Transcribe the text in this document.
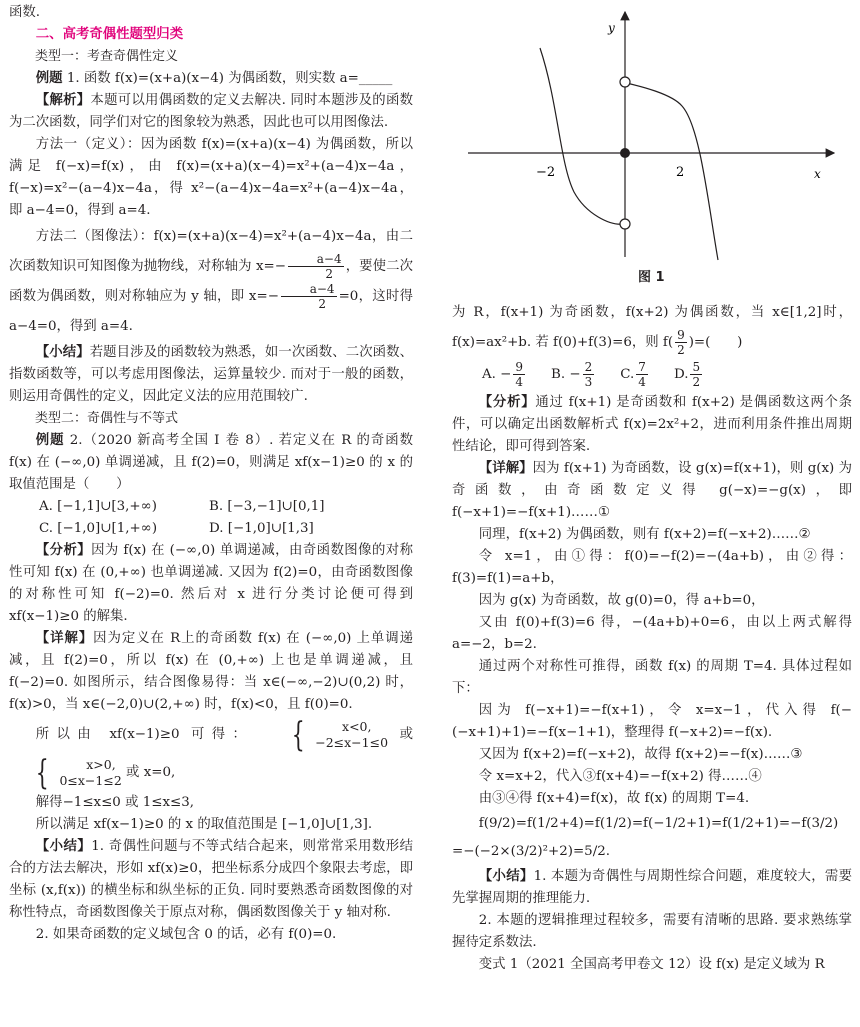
函数.

二、高考奇偶性题型归类

类型一：考查奇偶性定义

例题 1. 函数 f(x)=(x+a)(x−4) 为偶函数，则实数 a=_____

【解析】本题可以用偶函数的定义去解决. 同时本题涉及的函数为二次函数，同学们对它的图象较为熟悉，因此也可以用图像法.

方法一（定义）：因为函数 f(x)=(x+a)(x−4) 为偶函数，所以满足 f(−x)=f(x)，由 f(x)=(x+a)(x−4)=x²+(a−4)x−4a，f(−x)=x²−(a−4)x−4a，得 x²−(a−4)x−4a=x²+(a−4)x−4a，即 a−4=0，得到 a=4.

方法二（图像法）：f(x)=(x+a)(x−4)=x²+(a−4)x−4a，由二次函数知识可知图像为抛物线，对称轴为 $x=- \frac{a-4}{2}$ ，要使二次函数为偶函数，则对称轴应为 y 轴，即 $x=- \frac{a-4}{2} =0$，这时得 a−4=0，得到 a=4.

【小结】若题目涉及的函数较为熟悉，如一次函数、二次函数、指数函数等，可以考虑用图像法，运算量较少. 而对于一般的函数，则运用奇偶性的定义，因此定义法的应用范围较广.

类型二：奇偶性与不等式

例题 2.（2020 新高考全国 Ⅰ 卷 8）. 若定义在 R 的奇函数 f(x) 在 (−∞,0) 单调递减，且 f(2)=0，则满足 xf(x−1)≥0 的 x 的取值范围是（　　）

A. [−1,1]∪[3,+∞)	B. [−3,−1]∪[0,1]
C. [−1,0]∪[1,+∞)	D. [−1,0]∪[1,3]

【分析】因为 f(x) 在 (−∞,0) 单调递减，由奇函数图像的对称性可知 f(x) 在 (0,+∞) 也单调递减. 又因为 f(2)=0，由奇函数图像的对称性可知 f(−2)=0. 然后对 x 进行分类讨论便可得到 xf(x−1)≥0 的解集.

【详解】因为定义在 R上的奇函数 f(x) 在 (−∞,0) 上单调递减，且 f(2)=0，所以 f(x) 在 (0,+∞) 上也是单调递减，且 f(−2)=0. 如图所示，结合图像易得：当 x∈(−∞,−2)∪(0,2) 时，f(x)>0，当 x∈(−2,0)∪(2,+∞) 时，f(x)<0，且 f(0)=0.

所以由 xf(x−1)≥0 可得：	{	x<0,
−2≤x−1≤0 或
{	x>0,
0≤x−1≤2 或 x=0,

解得−1≤x≤0 或 1≤x≤3,

所以满足 xf(x−1)≥0 的 x 的取值范围是 [−1,0]∪[1,3].

【小结】1. 奇偶性问题与不等式结合起来，则常常采用数形结合的方法去解决，形如 xf(x)≥0，把坐标系分成四个象限去考虑，即坐标 (x,f(x)) 的横坐标和纵坐标的正负. 同时要熟悉奇函数图像的对称性特点，奇函数图像关于原点对称，偶函数图像关于 y 轴对称.

2. 如果奇函数的定义域包含 0 的话，必有 f(0)=0.

y
x
−2	2
图 1

为 R，f(x+1) 为奇函数，f(x+2) 为偶函数，当 x∈[1,2]时，f(x)=ax²+b. 若 f(0)+f(3)=6，则 $f( \frac{9}{2}$ )=(　　)

A. − $\frac{9}{4} B$. − $\frac{2}{3} C$. $\frac{7}{4} D$. $\frac{5}{2}$

【分析】通过 f(x+1) 是奇函数和 f(x+2) 是偶函数这两个条件，可以确定出函数解析式 f(x)=2x²+2，进而利用条件推出周期性结论，即可得到答案.

【详解】因为 f(x+1) 为奇函数，设 g(x)=f(x+1)，则 g(x) 为奇函数，由奇函数定义得 g(−x)=−g(x)，即 f(−x+1)=−f(x+1)……①

同理，f(x+2) 为偶函数，则有 f(x+2)=f(−x+2)……②

令 x=1，由①得：f(0)=−f(2)=−(4a+b)，由②得：f(3)=f(1)=a+b，

因为 g(x) 为奇函数，故 g(0)=0，得 a+b=0，

又由 f(0)+f(3)=6 得，−(4a+b)+0=6，由以上两式解得 a=−2，b=2.

通过两个对称性可推得，函数 f(x) 的周期 T=4. 具体过程如下：

因为 f(−x+1)=−f(x+1)，令 x=x−1，代入得 f(−(−x+1)+1)=−f(x−1+1)，整理得 f(−x+2)=−f(x).

又因为 f(x+2)=f(−x+2)，故得 f(x+2)=−f(x)……③

令 x=x+2，代入③f(x+4)=−f(x+2) 得……④

由③④得 f(x+4)=f(x)，故 f(x) 的周期 T=4.

f(9/2)=f(1/2+4)=f(1/2)=f(−1/2+1)=f(1/2+1)=−f(3/2)

=−(−2×(3/2)²+2)=5/2.

【小结】1. 本题为奇偶性与周期性综合问题，难度较大，需要先掌握周期的推理能力.

2. 本题的逻辑推理过程较多，需要有清晰的思路. 要求熟练掌握待定系数法.

变式 1（2021 全国高考甲卷文 12）设 f(x) 是定义域为 R
